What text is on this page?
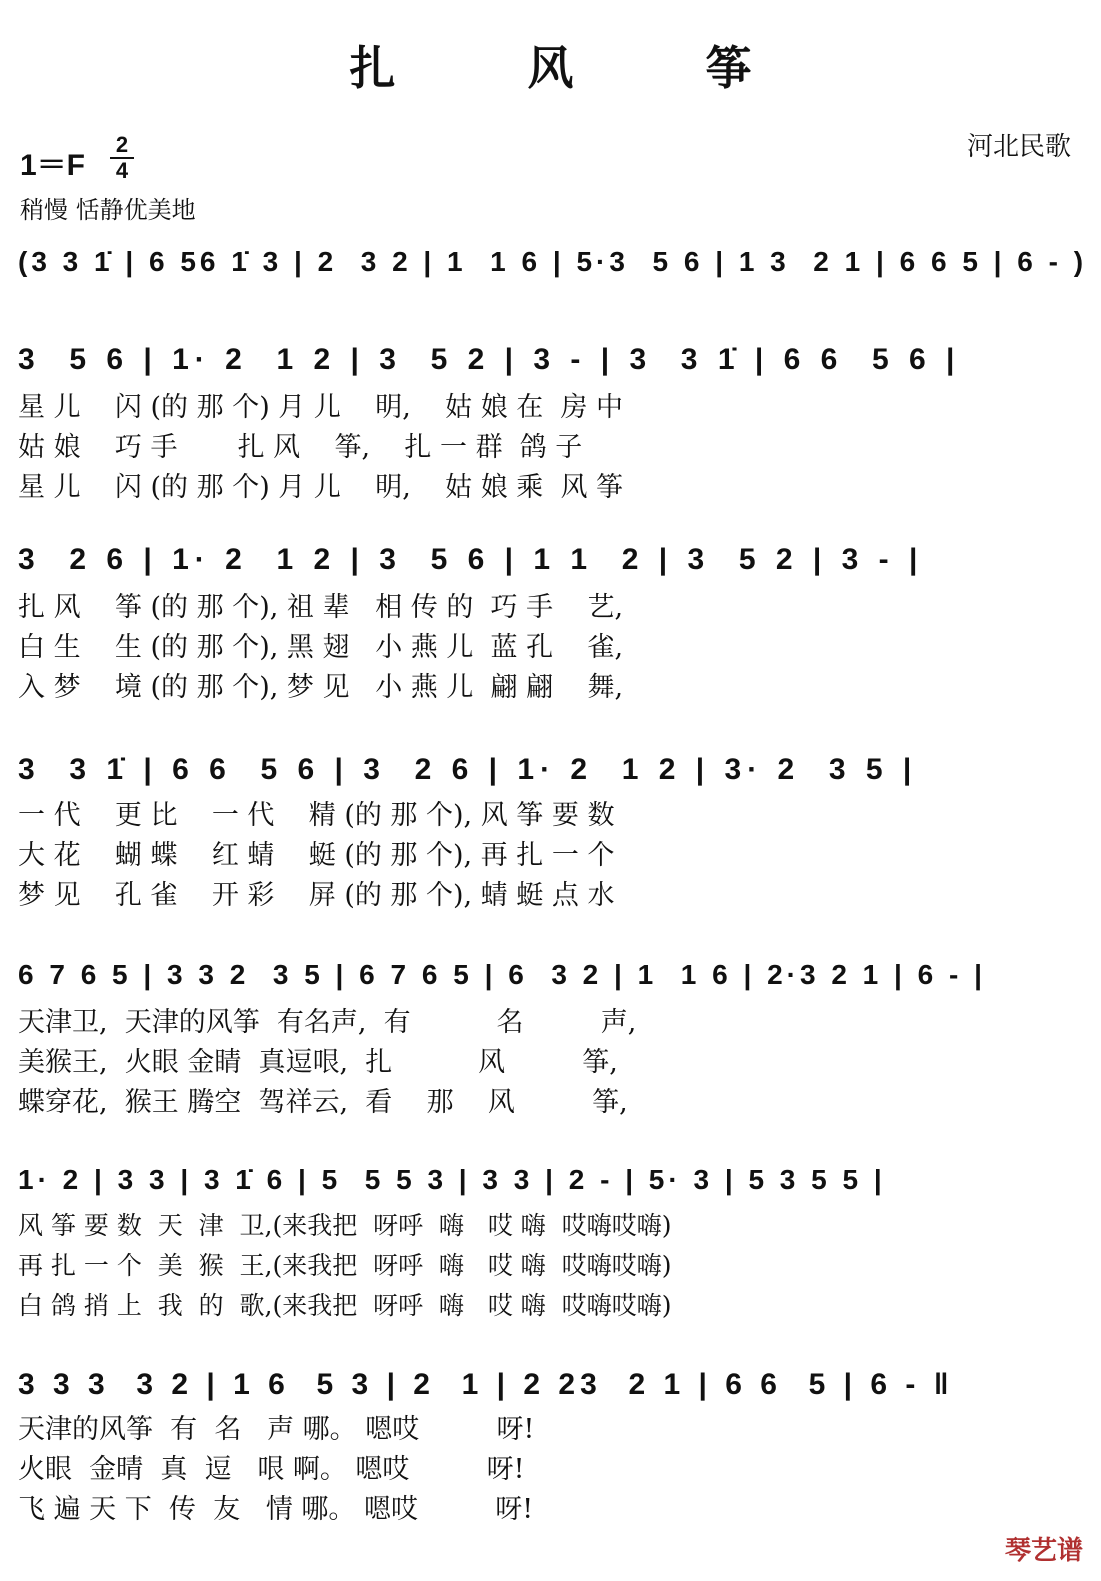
扎 风 筝
河北民歌
1＝F
2
4
稍慢 恬静优美地
(3 3 1̇ | 6 56 1̇ 3 | 2  3 2 | 1  1 6 | 5·3  5 6 | 1 3  2 1 | 6 6 5 | 6 - )
3  5 6 | 1· 2  1 2 | 3  5 2 | 3 - | 3  3 1̇ | 6 6  5 6 |
星 儿    闪 (的 那 个) 月 儿    明,    姑 娘 在  房 中
姑 娘    巧 手       扎 风    筝,    扎 一 群  鸽 子
星 儿    闪 (的 那 个) 月 儿    明,    姑 娘 乘  风 筝
3  2 6 | 1· 2  1 2 | 3  5 6 | 1 1  2 | 3  5 2 | 3 - |
扎 风    筝 (的 那 个), 祖 辈   相 传 的  巧 手    艺,
白 生    生 (的 那 个), 黑 翅   小 燕 儿  蓝 孔    雀,
入 梦    境 (的 那 个), 梦 见   小 燕 儿  翩 翩    舞,
3  3 1̇ | 6 6  5 6 | 3  2 6 | 1· 2  1 2 | 3· 2  3 5 |
一 代    更 比    一 代    精 (的 那 个), 风 筝 要 数
大 花    蝴 蝶    红 蜻    蜓 (的 那 个), 再 扎 一 个
梦 见    孔 雀    开 彩    屏 (的 那 个), 蜻 蜓 点 水
6 7 6 5 | 3 3 2  3 5 | 6 7 6 5 | 6  3 2 | 1  1 6 | 2·3 2 1 | 6 - |
天津卫,  天津的风筝  有名声,  有          名         声,
美猴王,  火眼 金睛  真逗哏,  扎          风         筝,
蝶穿花,  猴王 腾空  驾祥云,  看    那    风         筝,
1· 2 | 3 3 | 3 1̇ 6 | 5  5 5 3 | 3 3 | 2 - | 5· 3 | 5 3 5 5 |
风 筝 要 数  天  津  卫,(来我把  呀呼  嗨   哎 嗨  哎嗨哎嗨)
再 扎 一 个  美  猴  王,(来我把  呀呼  嗨   哎 嗨  哎嗨哎嗨)
白 鸽 捎 上  我  的  歌,(来我把  呀呼  嗨   哎 嗨  哎嗨哎嗨)
3 3 3  3 2 | 1 6  5 3 | 2  1 | 2 23  2 1 | 6 6  5 | 6 - ‖
天津的风筝  有  名   声 哪。 嗯哎         呀!
火眼  金晴  真  逗   哏 啊。 嗯哎         呀!
飞 遍 天 下  传  友   情 哪。 嗯哎         呀!
琴艺谱
